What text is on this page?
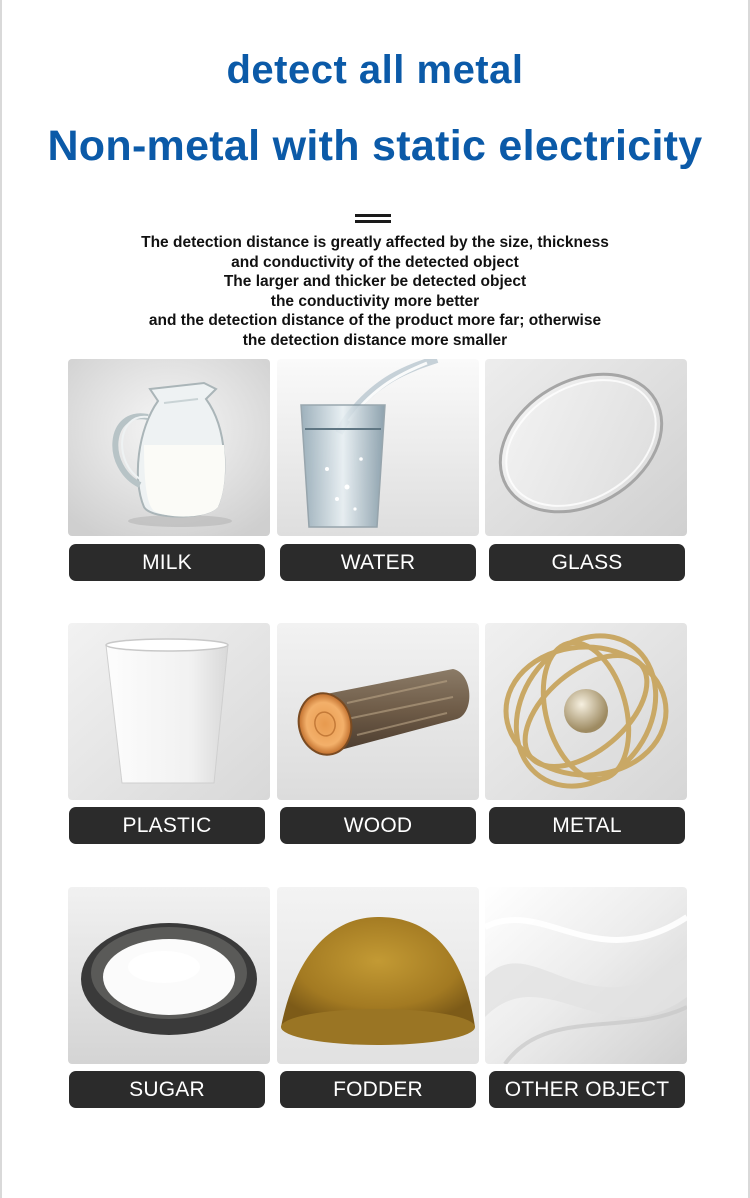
detect all metal
Non-metal with static electricity
The detection distance is greatly affected by the size, thickness
and conductivity of the detected object
The larger and thicker be detected object
the conductivity more better
and the detection distance of the product more far; otherwise
the detection distance more smaller
MILK	WATER	GLASS
PLASTIC	WOOD	METAL
SUGAR	FODDER	OTHER OBJECT
